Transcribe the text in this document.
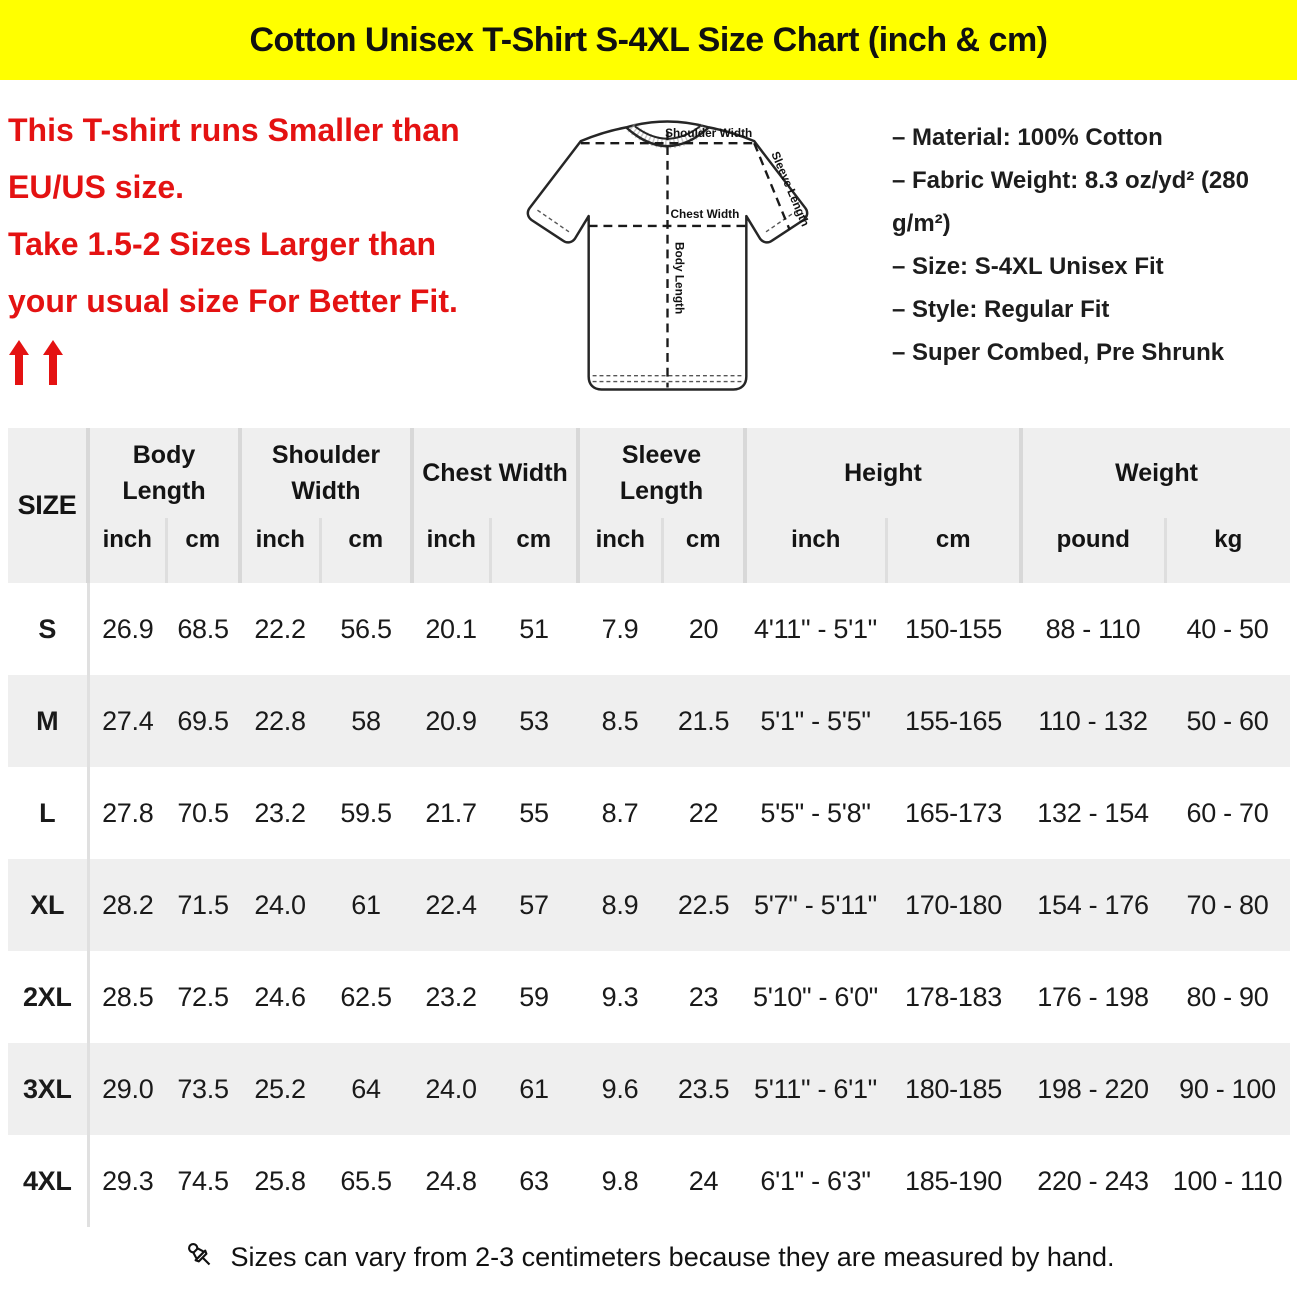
Cotton Unisex T-Shirt S-4XL Size Chart (inch & cm)
This T-shirt runs Smaller than
EU/US size.
Take 1.5-2 Sizes Larger than
your usual size For Better Fit.
Shoulder Width
Chest Width
Body Length
Sleeve Length
– Material: 100% Cotton
– Fabric Weight: 8.3 oz/yd² (280 g/m²)
– Size: S-4XL Unisex Fit
– Style: Regular Fit
– Super Combed, Pre Shrunk
SIZE	Body Length		Shoulder Width		Chest Width		Sleeve Length		Height		Weight	
	inch	cm	inch	cm	inch	cm	inch	cm	inch	cm	pound	kg
S	26.9	68.5	22.2	56.5	20.1	51	7.9	20	4'11" - 5'1"	150-155	88 - 110	40 - 50
M	27.4	69.5	22.8	58	20.9	53	8.5	21.5	5'1" - 5'5"	155-165	110 - 132	50 - 60
L	27.8	70.5	23.2	59.5	21.7	55	8.7	22	5'5" - 5'8"	165-173	132 - 154	60 - 70
XL	28.2	71.5	24.0	61	22.4	57	8.9	22.5	5'7" - 5'11"	170-180	154 - 176	70 - 80
2XL	28.5	72.5	24.6	62.5	23.2	59	9.3	23	5'10" - 6'0"	178-183	176 - 198	80 - 90
3XL	29.0	73.5	25.2	64	24.0	61	9.6	23.5	5'11" - 6'1"	180-185	198 - 220	90 - 100
4XL	29.3	74.5	25.8	65.5	24.8	63	9.8	24	6'1" - 6'3"	185-190	220 - 243	100 - 110
Sizes can vary from 2-3 centimeters because they are measured by hand.
